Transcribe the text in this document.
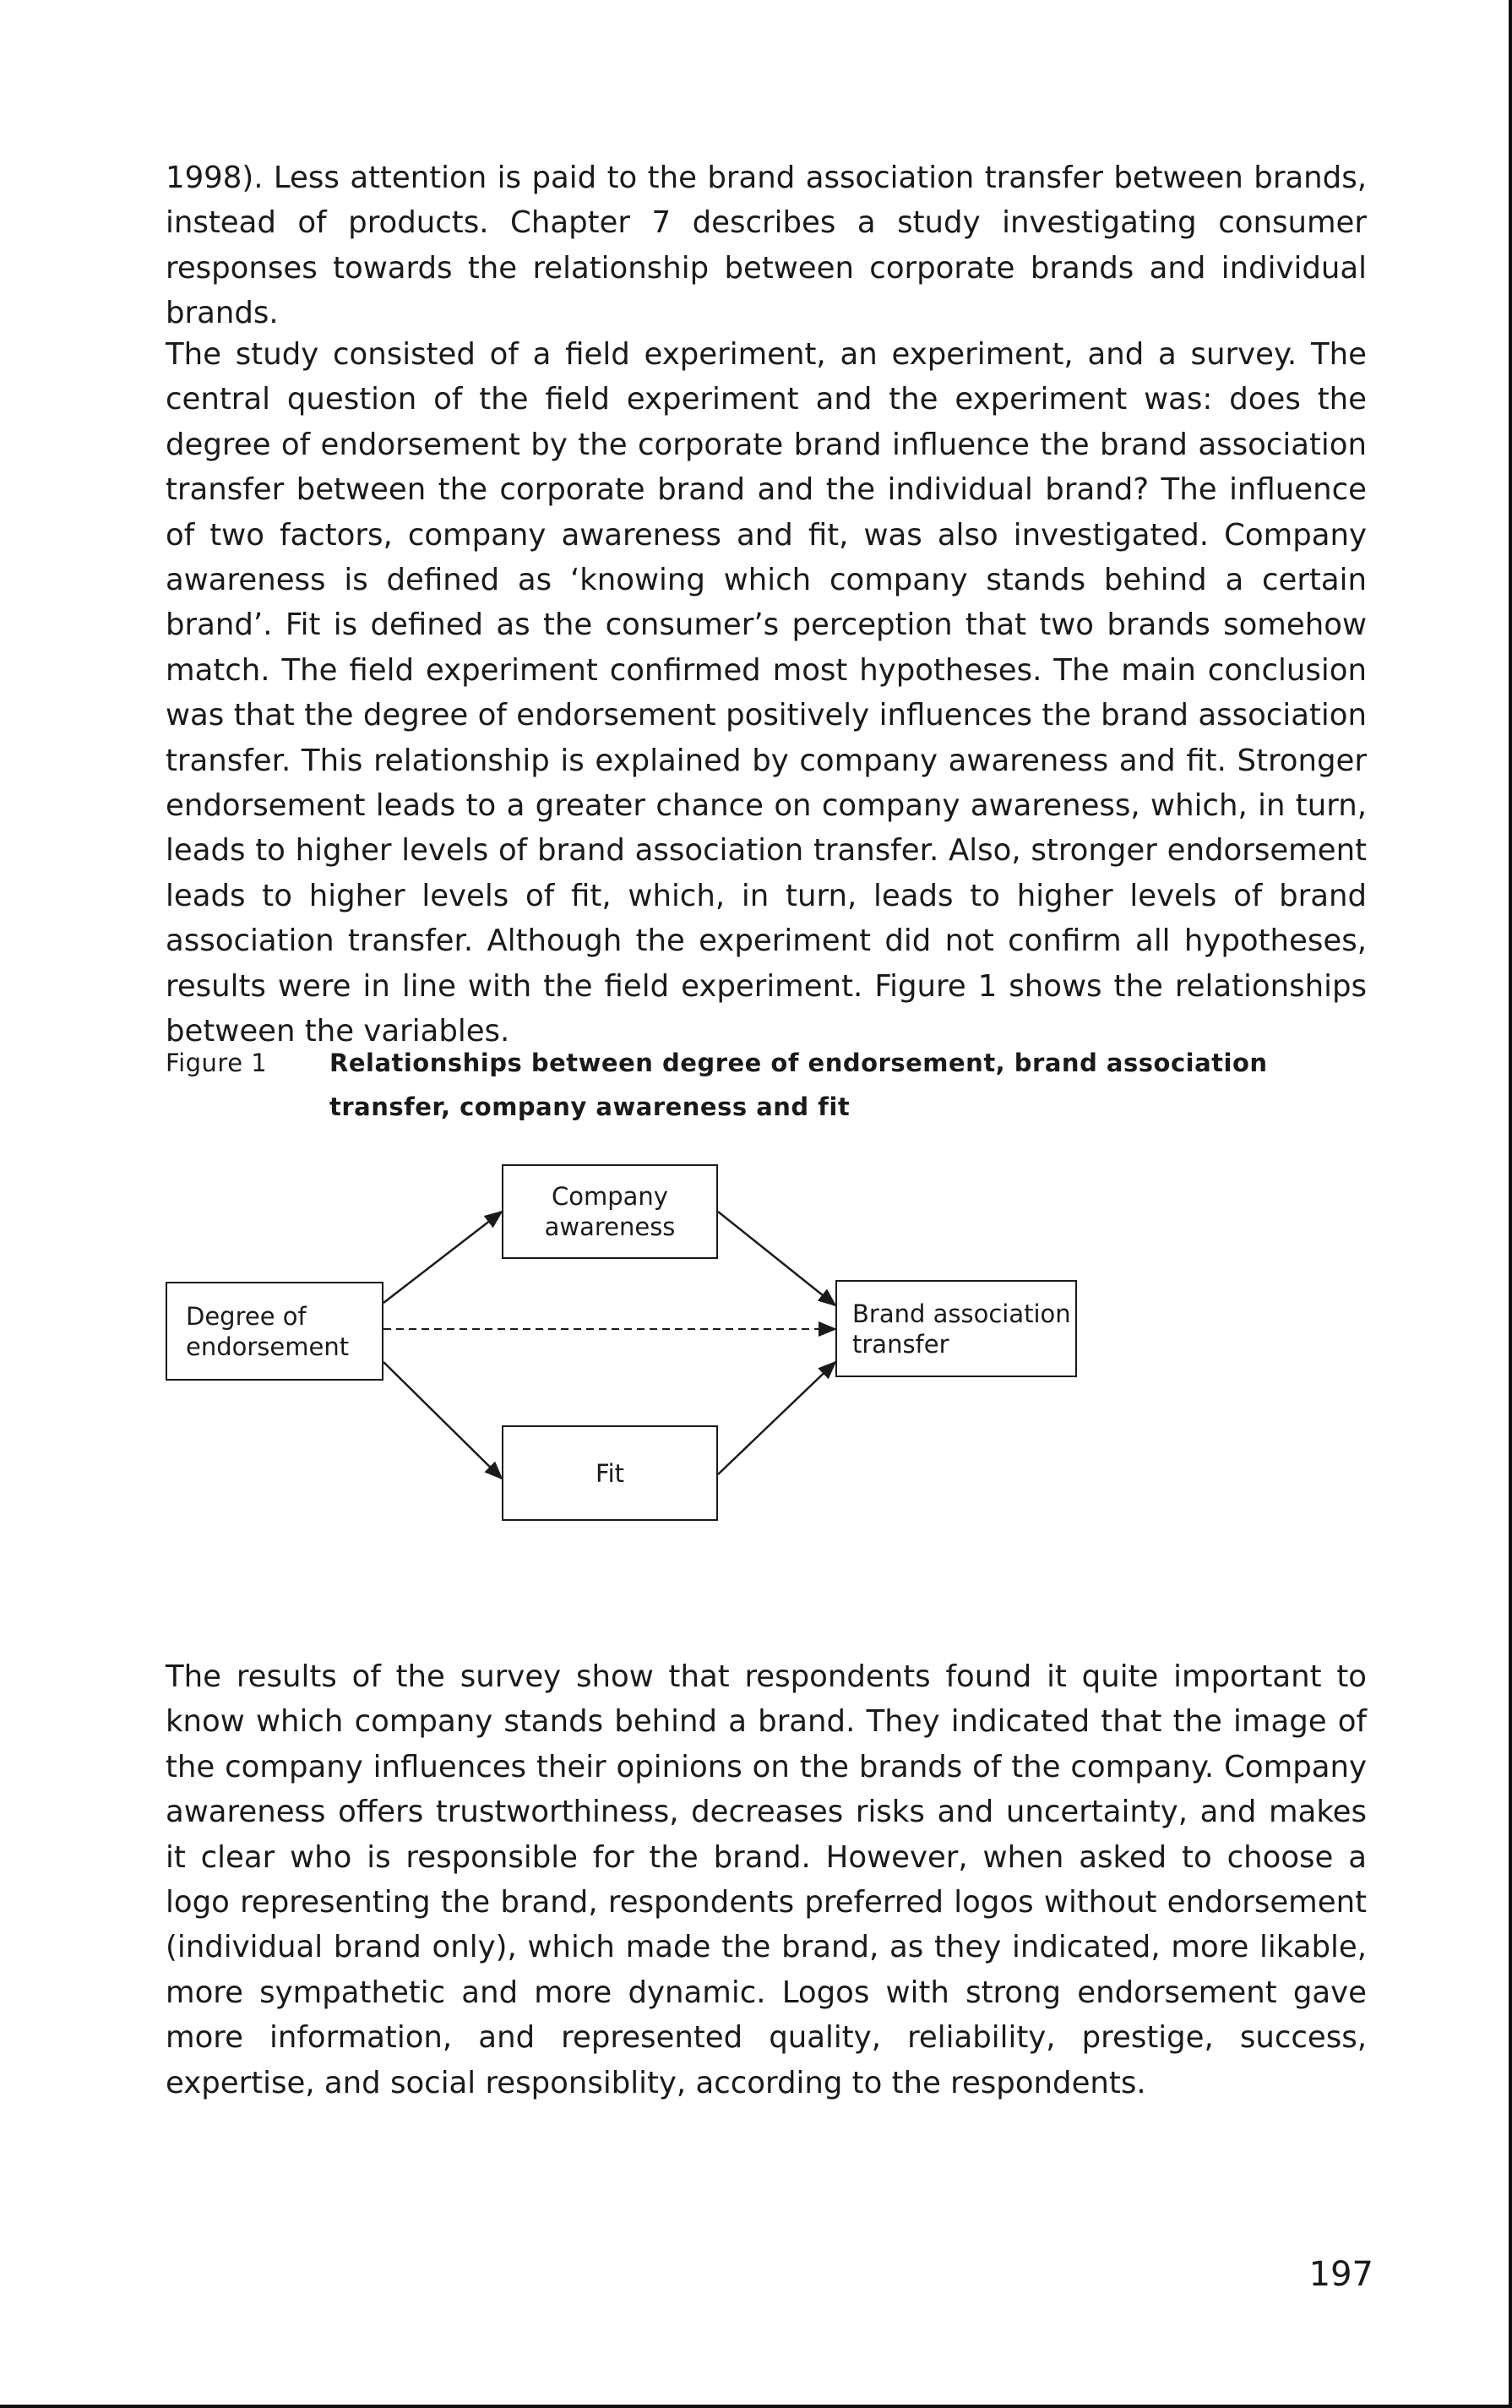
1998). Less attention is paid to the brand association transfer between brands, instead of products. Chapter 7 describes a study investigating consumer responses towards the relationship between corporate brands and individual brands.

The study consisted of a field experiment, an experiment, and a survey. The central question of the field experiment and the experiment was: does the degree of endorsement by the corporate brand influence the brand association transfer between the corporate brand and the individual brand? The influence of two factors, company awareness and fit, was also investigated. Company awareness is defined as ‘knowing which company stands behind a certain brand’. Fit is defined as the consumer’s perception that two brands somehow match. The field experiment confirmed most hypotheses. The main conclusion was that the degree of endorsement positively influences the brand association transfer. This relationship is explained by company awareness and fit. Stronger endorsement leads to a greater chance on company awareness, which, in turn, leads to higher levels of brand association transfer. Also, stronger endorsement leads to higher levels of fit, which, in turn, leads to higher levels of brand association transfer. Although the experiment did not confirm all hypotheses, results were in line with the field experiment. Figure 1 shows the relationships between the variables.

Figure 1	Relationships between degree of endorsement, brand association transfer, company awareness and fit
Company
awareness
Degree of
endorsement
Brand association
transfer
Fit

The results of the survey show that respondents found it quite important to know which company stands behind a brand. They indicated that the image of the company influences their opinions on the brands of the company. Company awareness offers trustworthiness, decreases risks and uncertainty, and makes it clear who is responsible for the brand. However, when asked to choose a logo representing the brand, respondents preferred logos without endorsement (individual brand only), which made the brand, as they indicated, more likable, more sympathetic and more dynamic. Logos with strong endorsement gave more information, and represented quality, reliability, prestige, success, expertise, and social responsiblity, according to the respondents.

197
